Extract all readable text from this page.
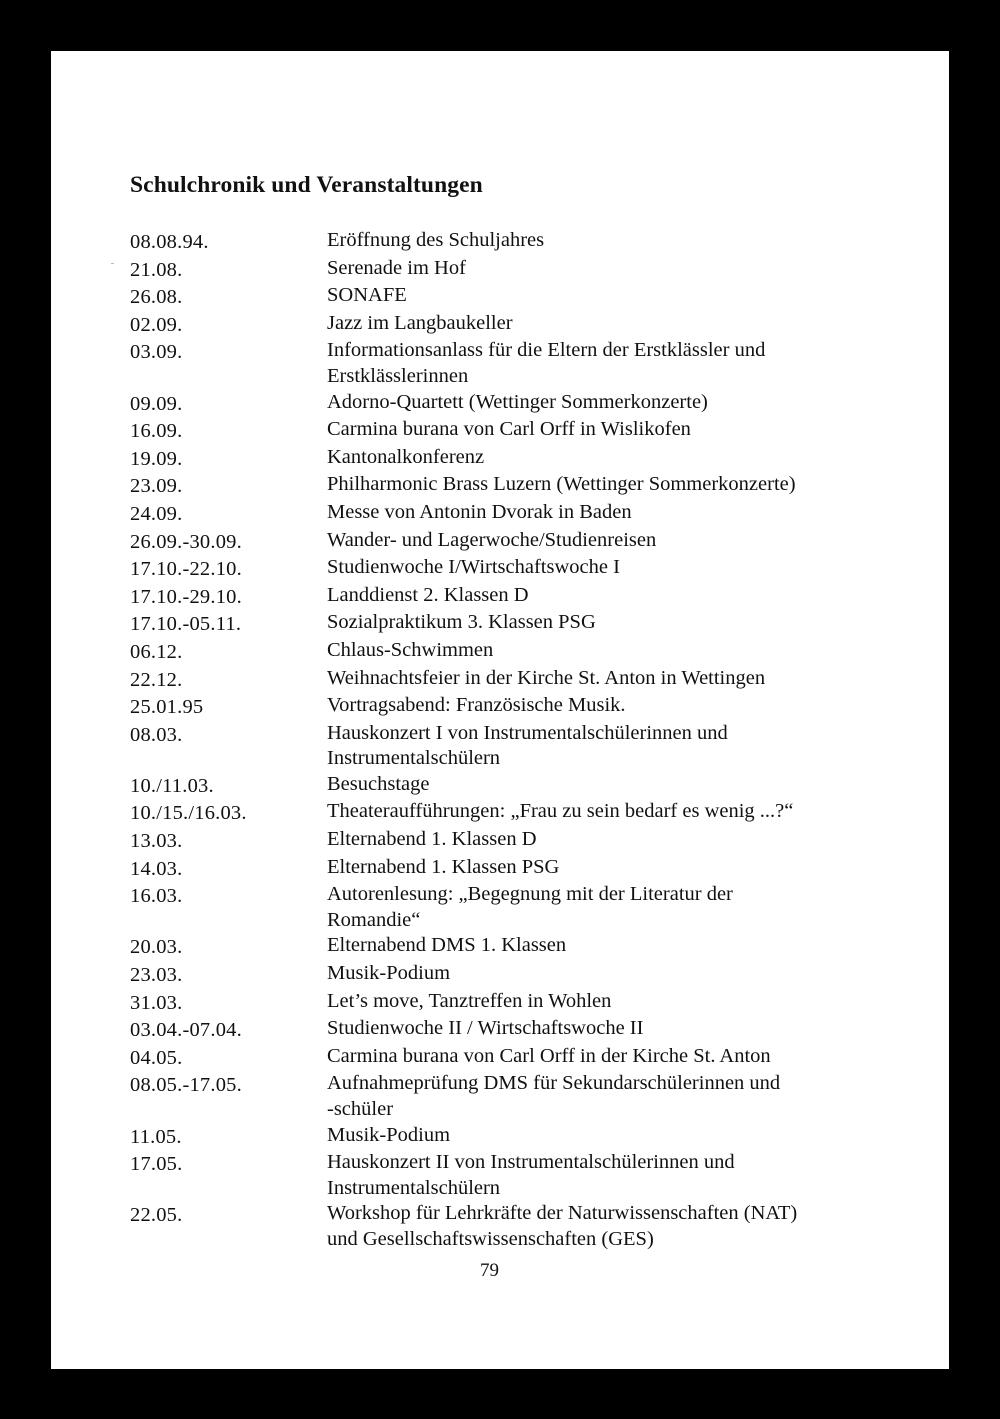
Schulchronik und Veranstaltungen
08.08.94.	Eröffnung des Schuljahres
21.08.	Serenade im Hof
26.08.	SONAFE
02.09.	Jazz im Langbaukeller
03.09.	Informationsanlass für die Eltern der Erstklässler und
Erstklässlerinnen
09.09.	Adorno-Quartett (Wettinger Sommerkonzerte)
16.09.	Carmina burana von Carl Orff in Wislikofen
19.09.	Kantonalkonferenz
23.09.	Philharmonic Brass Luzern (Wettinger Sommerkonzerte)
24.09.	Messe von Antonin Dvorak in Baden
26.09.-30.09.	Wander- und Lagerwoche/Studienreisen
17.10.-22.10.	Studienwoche I/Wirtschaftswoche I
17.10.-29.10.	Landdienst 2. Klassen D
17.10.-05.11.	Sozialpraktikum 3. Klassen PSG
06.12.	Chlaus-Schwimmen
22.12.	Weihnachtsfeier in der Kirche St. Anton in Wettingen
25.01.95	Vortragsabend: Französische Musik.
08.03.	Hauskonzert I von Instrumentalschülerinnen und
Instrumentalschülern
10./11.03.	Besuchstage
10./15./16.03.	Theateraufführungen: „Frau zu sein bedarf es wenig ...?“
13.03.	Elternabend 1. Klassen D
14.03.	Elternabend 1. Klassen PSG
16.03.	Autorenlesung: „Begegnung mit der Literatur der
Romandie“
20.03.	Elternabend DMS 1. Klassen
23.03.	Musik-Podium
31.03.	Let’s move, Tanztreffen in Wohlen
03.04.-07.04.	Studienwoche II / Wirtschaftswoche II
04.05.	Carmina burana von Carl Orff in der Kirche St. Anton
08.05.-17.05.	Aufnahmeprüfung DMS für Sekundarschülerinnen und
-schüler
11.05.	Musik-Podium
17.05.	Hauskonzert II von Instrumentalschülerinnen und
Instrumentalschülern
22.05.	Workshop für Lehrkräfte der Naturwissenschaften (NAT)
und Gesellschaftswissenschaften (GES)
79
